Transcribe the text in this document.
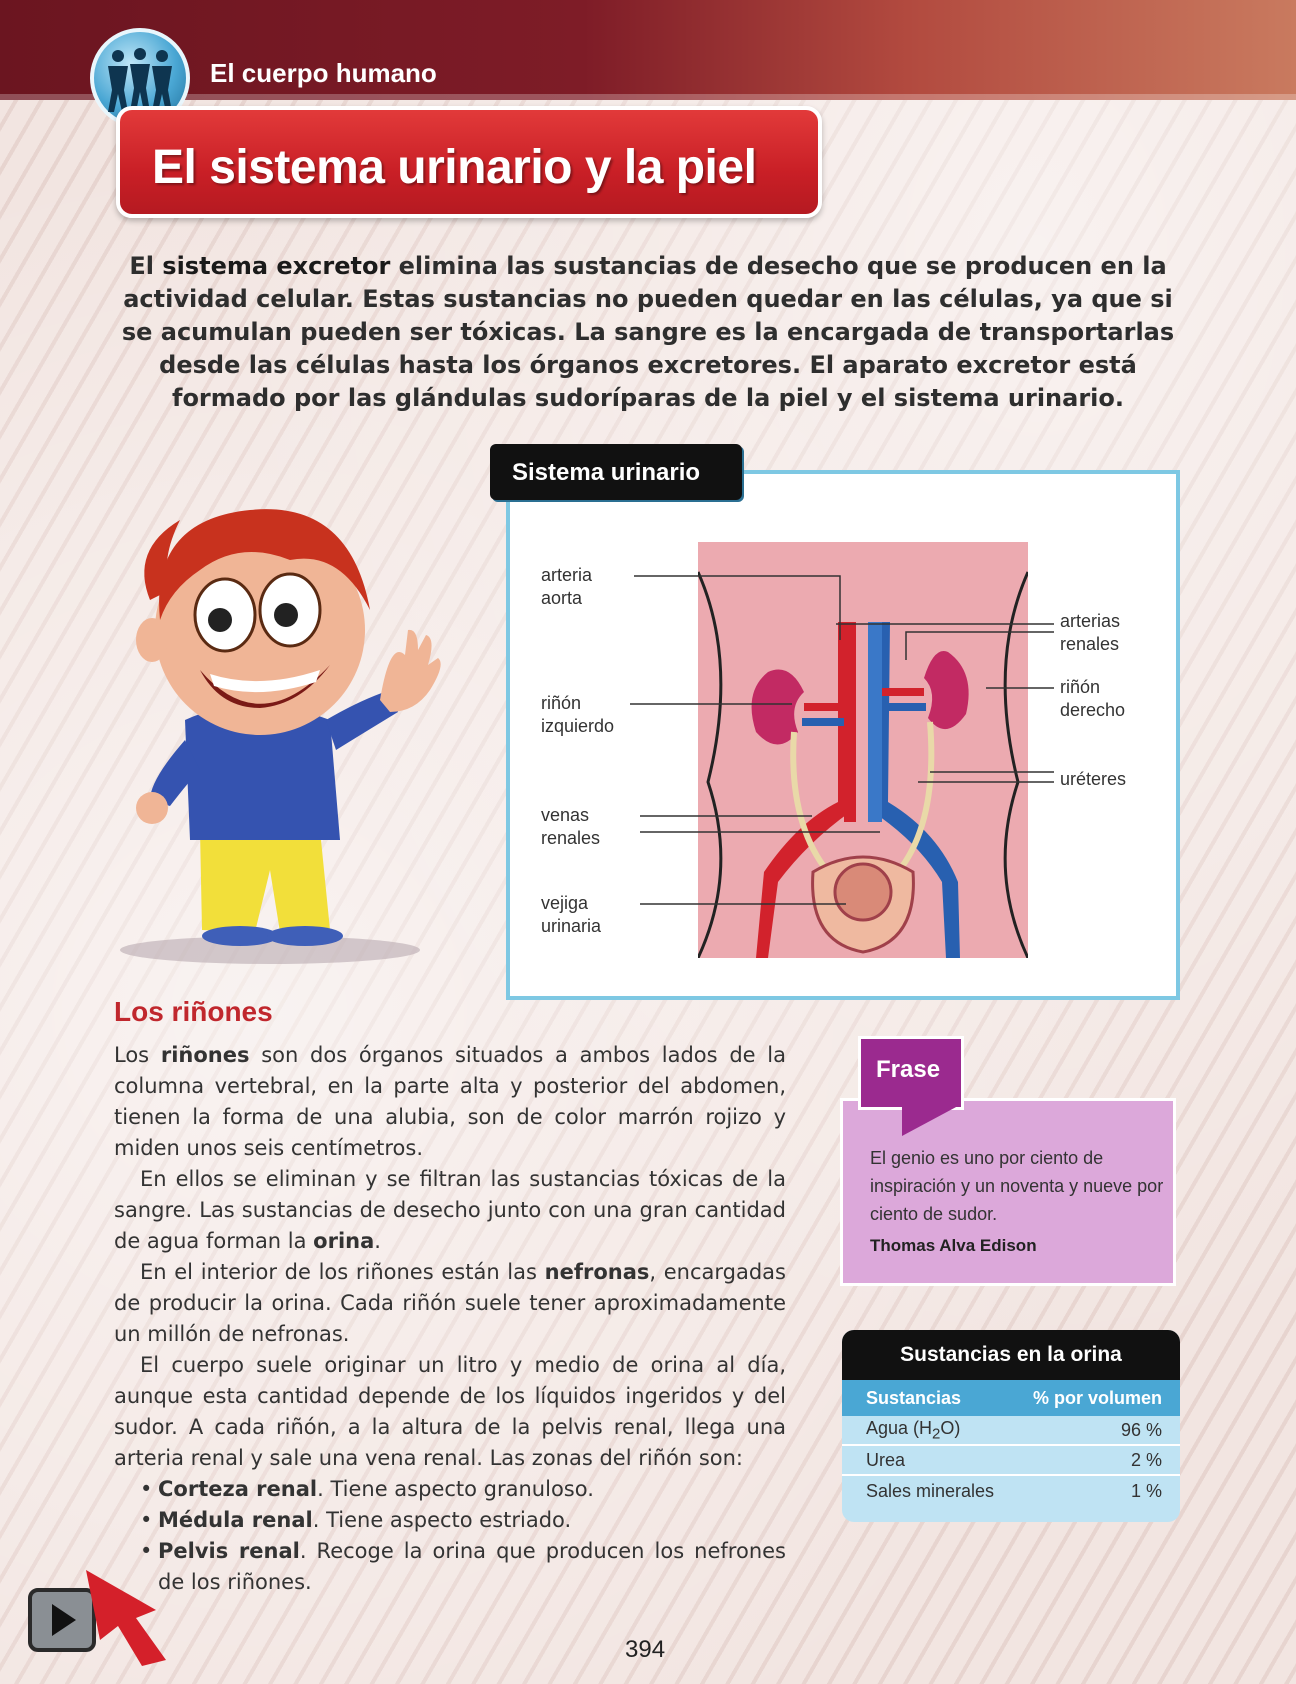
El cuerpo humano
El sistema urinario y la piel
El sistema excretor elimina las sustancias de desecho que se producen en la actividad celular. Estas sustancias no pueden quedar en las células, ya que si se acumulan pueden ser tóxicas. La sangre es la encargada de transportarlas desde las células hasta los órganos excretores. El aparato excretor está formado por las glándulas sudoríparas de la piel y el sistema urinario.
Sistema urinario
arteria
aorta
riñón
izquierdo
venas
renales
vejiga
urinaria
arterias
renales
riñón
derecho
uréteres
Los riñones

Los riñones son dos órganos situados a ambos lados de la columna vertebral, en la parte alta y posterior del abdomen, tienen la forma de una alubia, son de color marrón rojizo y miden unos seis centímetros.

En ellos se eliminan y se filtran las sustancias tóxicas de la sangre. Las sustancias de desecho junto con una gran cantidad de agua forman la orina.

En el interior de los riñones están las nefronas, encargadas de producir la orina. Cada riñón suele tener aproximadamente un millón de nefronas.

El cuerpo suele originar un litro y medio de orina al día, aunque esta cantidad depende de los líquidos ingeridos y del sudor. A cada riñón, a la altura de la pelvis renal, llega una arteria renal y sale una vena renal. Las zonas del riñón son:

• Corteza renal. Tiene aspecto granuloso.
• Médula renal. Tiene aspecto estriado.
• Pelvis renal. Recoge la orina que producen los nefrones de los riñones.
Frase
El genio es uno por ciento de inspiración y un noventa y nueve por ciento de sudor.
Thomas Alva Edison
Sustancias en la orina
Sustancias	% por volumen
Agua $(H_2O)$	96 %
Urea	2 %
Sales minerales	1 %
394
